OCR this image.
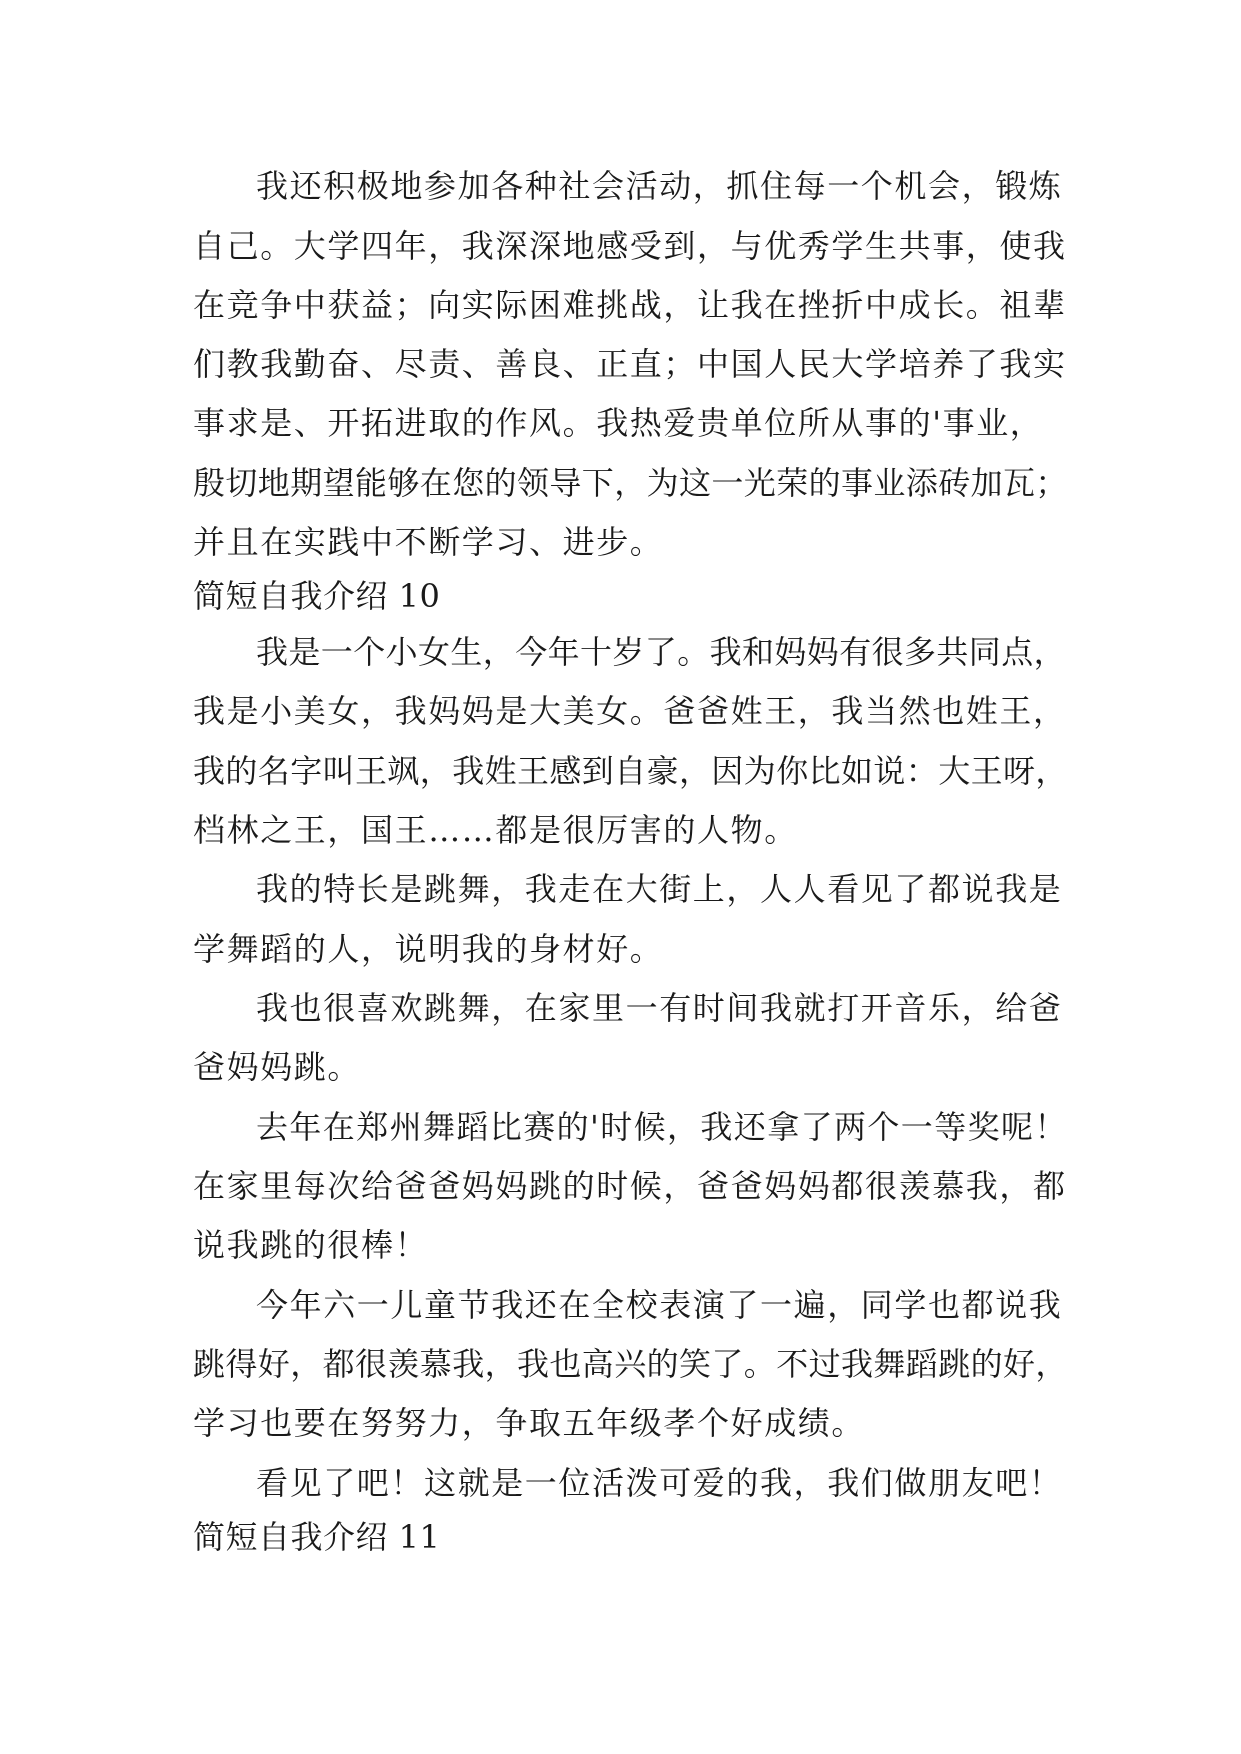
我还积极地参加各种社会活动，抓住每一个机会，锻炼
自己。大学四年，我深深地感受到，与优秀学生共事，使我
在竞争中获益；向实际困难挑战，让我在挫折中成长。祖辈
们教我勤奋、尽责、善良、正直；中国人民大学培养了我实
事求是、开拓进取的作风。我热爱贵单位所从事的'事业，
殷切地期望能够在您的领导下，为这一光荣的事业添砖加瓦；
并且在实践中不断学习、进步。
简短自我介绍 10
我是一个小女生，今年十岁了。我和妈妈有很多共同点，
我是小美女，我妈妈是大美女。爸爸姓王，我当然也姓王，
我的名字叫王飒，我姓王感到自豪，因为你比如说：大王呀，
档林之王，国王……都是很厉害的人物。
我的特长是跳舞，我走在大街上，人人看见了都说我是
学舞蹈的人，说明我的身材好。
我也很喜欢跳舞，在家里一有时间我就打开音乐，给爸
爸妈妈跳。
去年在郑州舞蹈比赛的'时候，我还拿了两个一等奖呢！
在家里每次给爸爸妈妈跳的时候，爸爸妈妈都很羡慕我，都
说我跳的很棒！
今年六一儿童节我还在全校表演了一遍，同学也都说我
跳得好，都很羡慕我，我也高兴的笑了。不过我舞蹈跳的好，
学习也要在努努力，争取五年级孝个好成绩。
看见了吧！这就是一位活泼可爱的我，我们做朋友吧！
简短自我介绍 11
